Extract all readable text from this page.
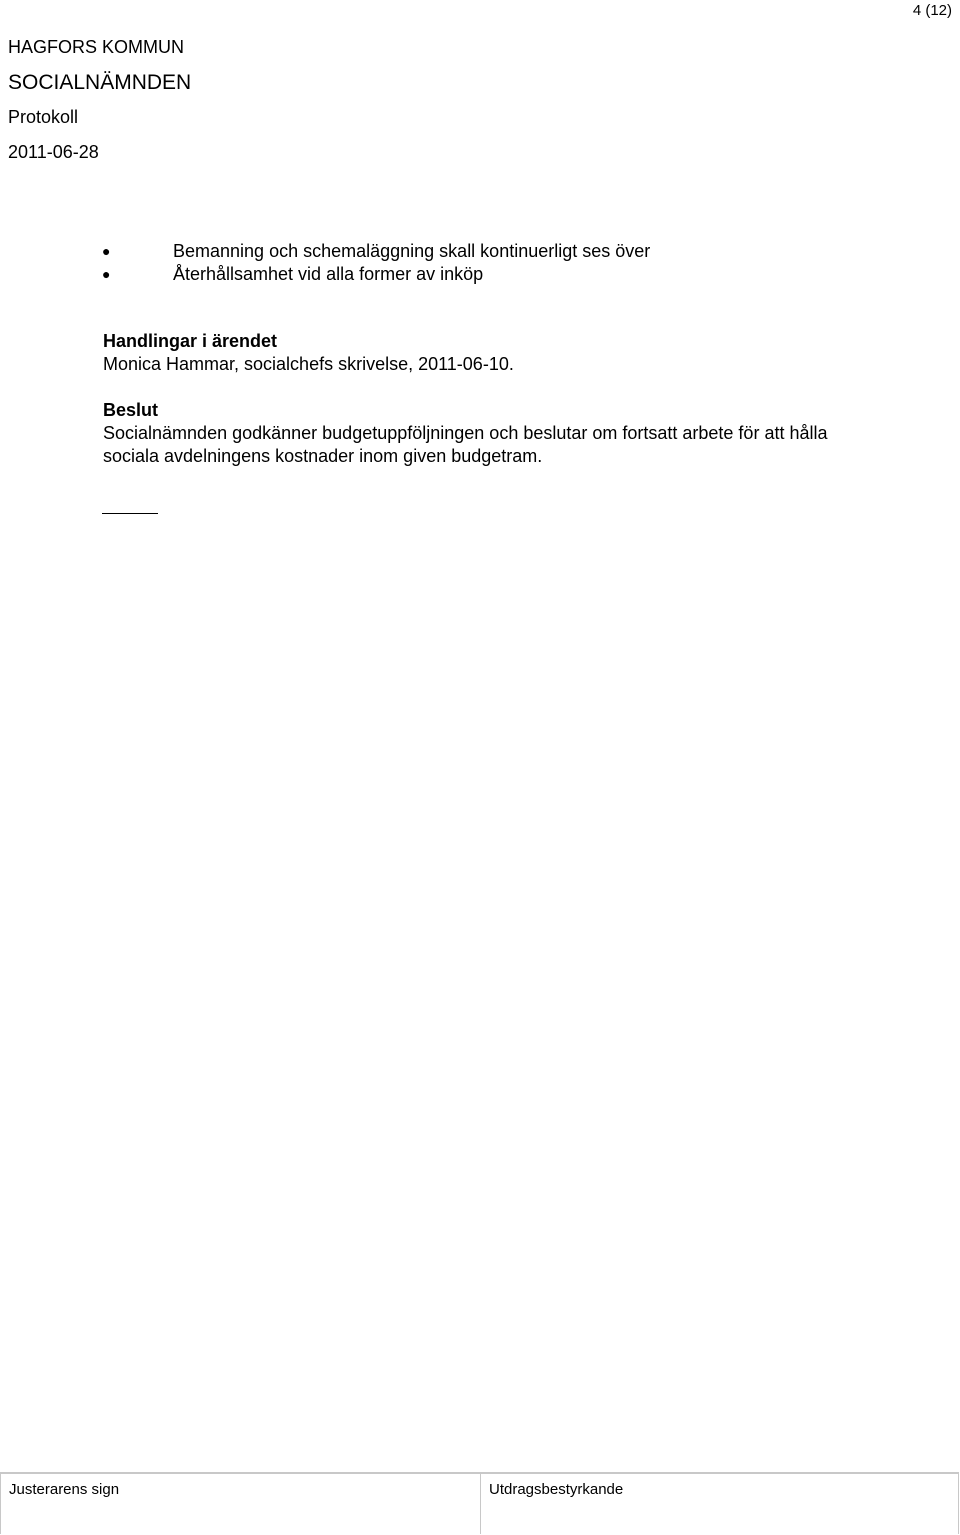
4 (12)
HAGFORS KOMMUN
SOCIALNÄMNDEN
Protokoll
2011-06-28
●	Bemanning och schemaläggning skall kontinuerligt ses över
●	Återhållsamhet vid alla former av inköp
Handlingar i ärendet
Monica Hammar, socialchefs skrivelse, 2011-06-10.
Beslut
Socialnämnden godkänner budgetuppföljningen och beslutar om fortsatt arbete för att hålla
sociala avdelningens kostnader inom given budgetram.
Justerarens sign	Utdragsbestyrkande
